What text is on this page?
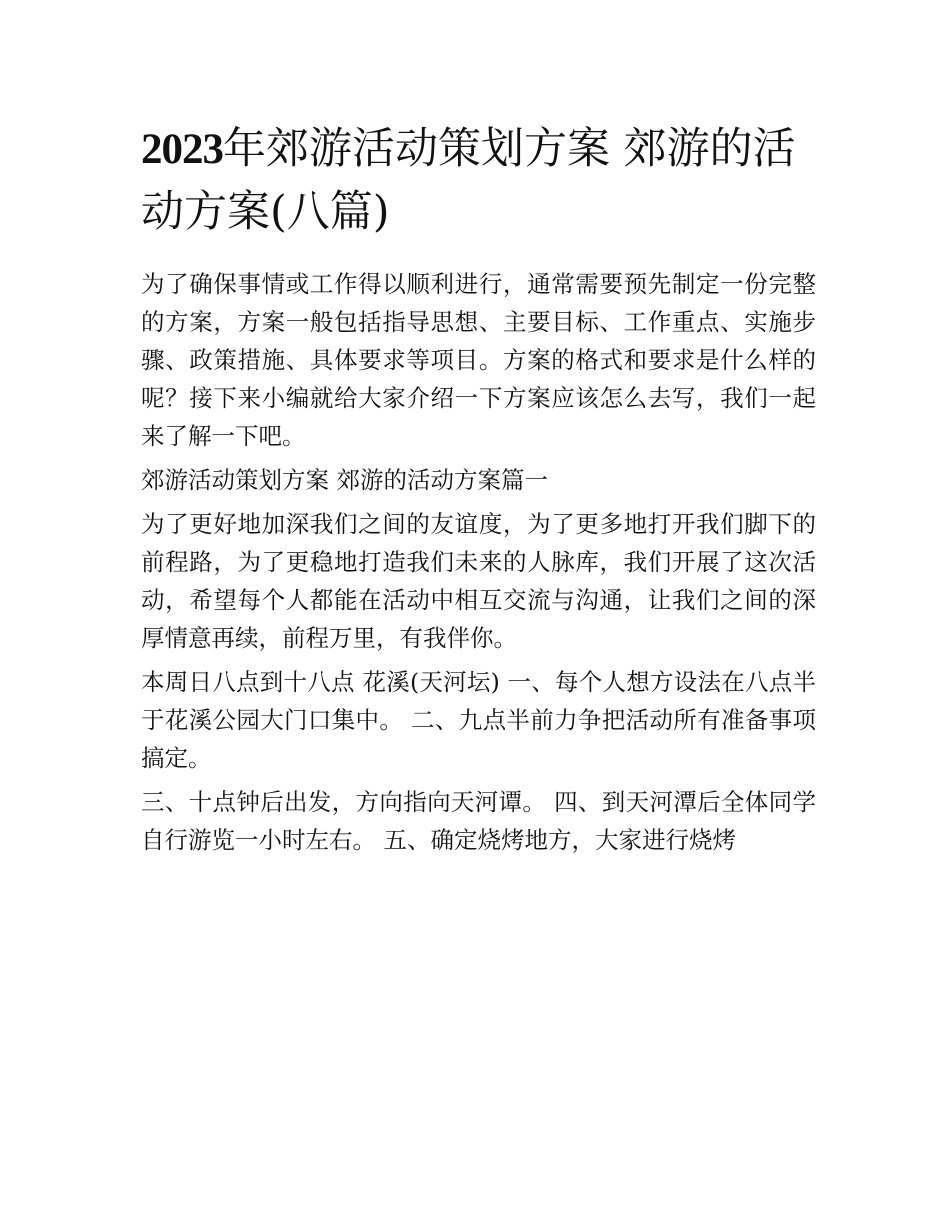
2023年郊游活动策划方案 郊游的活动方案(八篇)

为了确保事情或工作得以顺利进行，通常需要预先制定一份完整的方案，方案一般包括指导思想、主要目标、工作重点、实施步骤、政策措施、具体要求等项目。方案的格式和要求是什么样的呢？接下来小编就给大家介绍一下方案应该怎么去写，我们一起来了解一下吧。

郊游活动策划方案 郊游的活动方案篇一

为了更好地加深我们之间的友谊度，为了更多地打开我们脚下的前程路，为了更稳地打造我们未来的人脉库，我们开展了这次活动，希望每个人都能在活动中相互交流与沟通，让我们之间的深厚情意再续，前程万里，有我伴你。

本周日八点到十八点 花溪(天河坛) 一、每个人想方设法在八点半于花溪公园大门口集中。 二、九点半前力争把活动所有准备事项搞定。

三、十点钟后出发，方向指向天河谭。 四、到天河潭后全体同学自行游览一小时左右。 五、确定烧烤地方，大家进行烧烤
